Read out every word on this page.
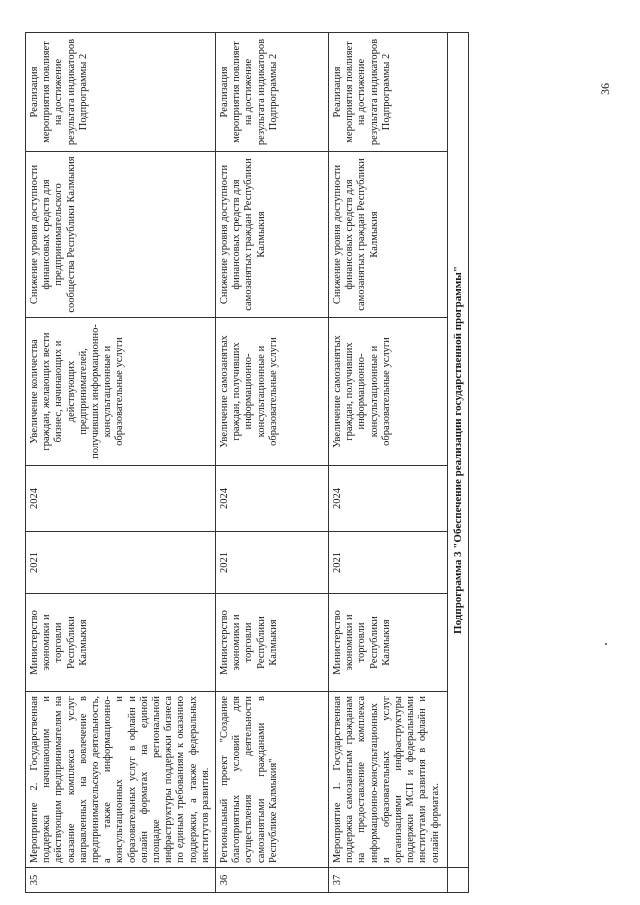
35	Мероприятие 2. Государственная поддержка начинающим и действующим предпринимателям на оказание комплекса услуг направленных на вовлечение в предпринимательскую деятельность, а также информационно-консультационных и образовательных услуг в офлайн и онлайн форматах на единой площадке региональной инфраструктуры поддержки бизнеса по единым требованиям к оказанию поддержки, а также федеральных институтов развития.	Министерство экономики и торговли Республики Калмыкия	2021	2024	Увеличение количества граждан, желающих вести бизнес, начинающих и действующих предпринимателей, получивших информационно-консультационные и образовательные услуги	Снижение уровня доступности финансовых средств для предпринимательского сообщества Республики Калмыкия	Реализация мероприятия повлияет на достижение результата индикаторов Подпрограммы 2
36	Региональный проект "Создание благоприятных условий для осуществления деятельности самозанятыми гражданами в Республике Калмыкия"	Министерство экономики и торговли Республики Калмыкия	2021	2024	Увеличение самозанятых граждан, получивших информационно-консультационные и образовательные услуги	Снижение уровня доступности финансовых средств для самозанятых граждан Республики Калмыкия	Реализация мероприятия повлияет на достижение результата индикаторов Подпрограммы 2
37	Мероприятие 1. Государственная поддержка самозанятым гражданам на предоставление комплекса информационно-консультационных и образовательных услуг организациями инфраструктуры поддержки МСП и федеральными институтами развития в офлайн и онлайн форматах.	Министерство экономики и торговли Республики Калмыкия	2021	2024	Увеличение самозанятых граждан, получивших информационно-консультационные и образовательные услуги	Снижение уровня доступности финансовых средств для самозанятых граждан Республики Калмыкия	Реализация мероприятия повлияет на достижение результата индикаторов Подпрограммы 2
	Подпрограмма 3 "Обеспечение реализации государственной программы"						
36
